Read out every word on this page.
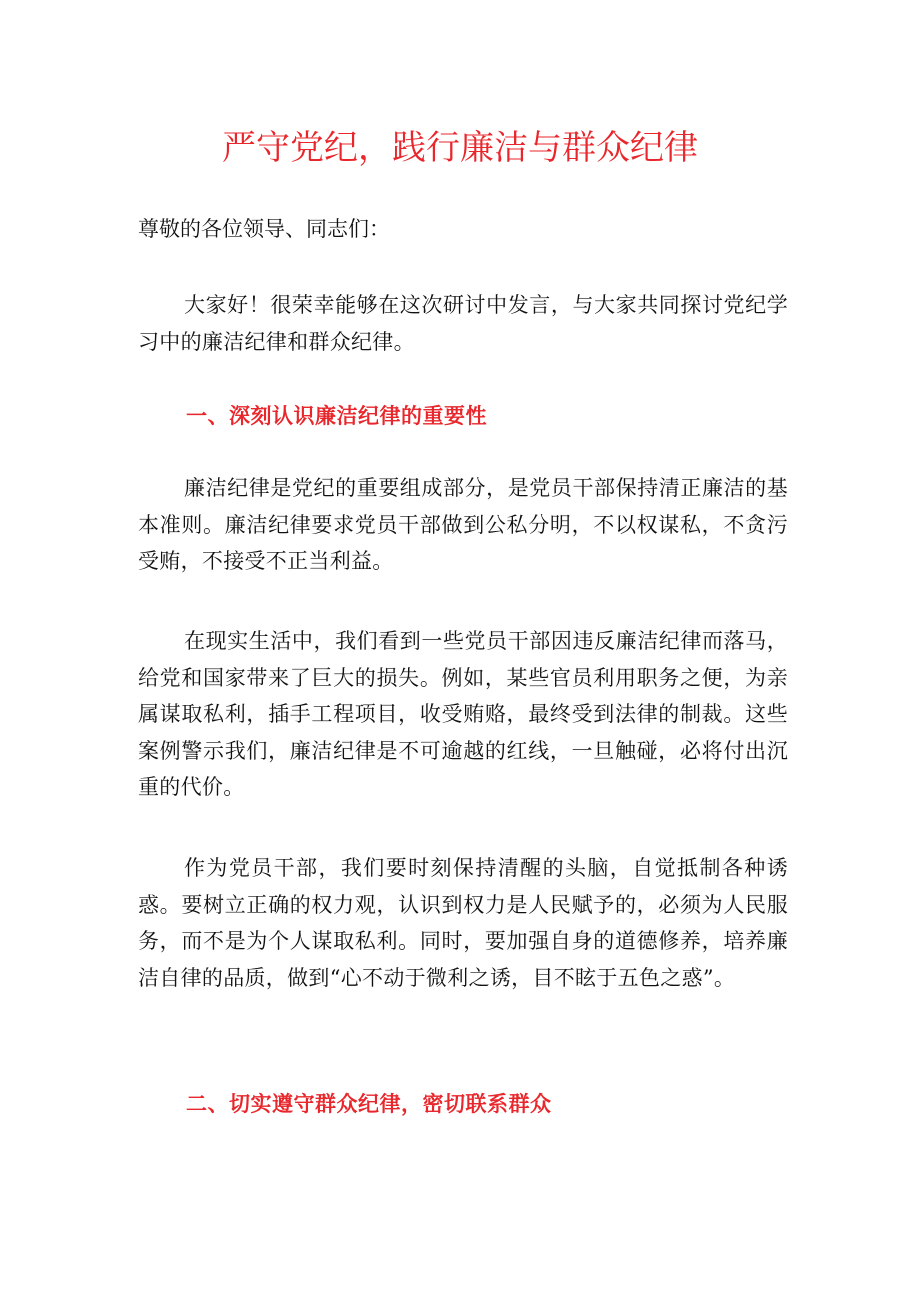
严守党纪，践行廉洁与群众纪律
尊敬的各位领导、同志们：

大家好！很荣幸能够在这次研讨中发言，与大家共同探讨党纪学习中的廉洁纪律和群众纪律。

一、深刻认识廉洁纪律的重要性

廉洁纪律是党纪的重要组成部分，是党员干部保持清正廉洁的基本准则。廉洁纪律要求党员干部做到公私分明，不以权谋私，不贪污受贿，不接受不正当利益。

在现实生活中，我们看到一些党员干部因违反廉洁纪律而落马，给党和国家带来了巨大的损失。例如，某些官员利用职务之便，为亲属谋取私利，插手工程项目，收受贿赂，最终受到法律的制裁。这些案例警示我们，廉洁纪律是不可逾越的红线，一旦触碰，必将付出沉重的代价。

作为党员干部，我们要时刻保持清醒的头脑，自觉抵制各种诱惑。要树立正确的权力观，认识到权力是人民赋予的，必须为人民服务，而不是为个人谋取私利。同时，要加强自身的道德修养，培养廉洁自律的品质，做到“心不动于微利之诱，目不眩于五色之惑”。

二、切实遵守群众纪律，密切联系群众
